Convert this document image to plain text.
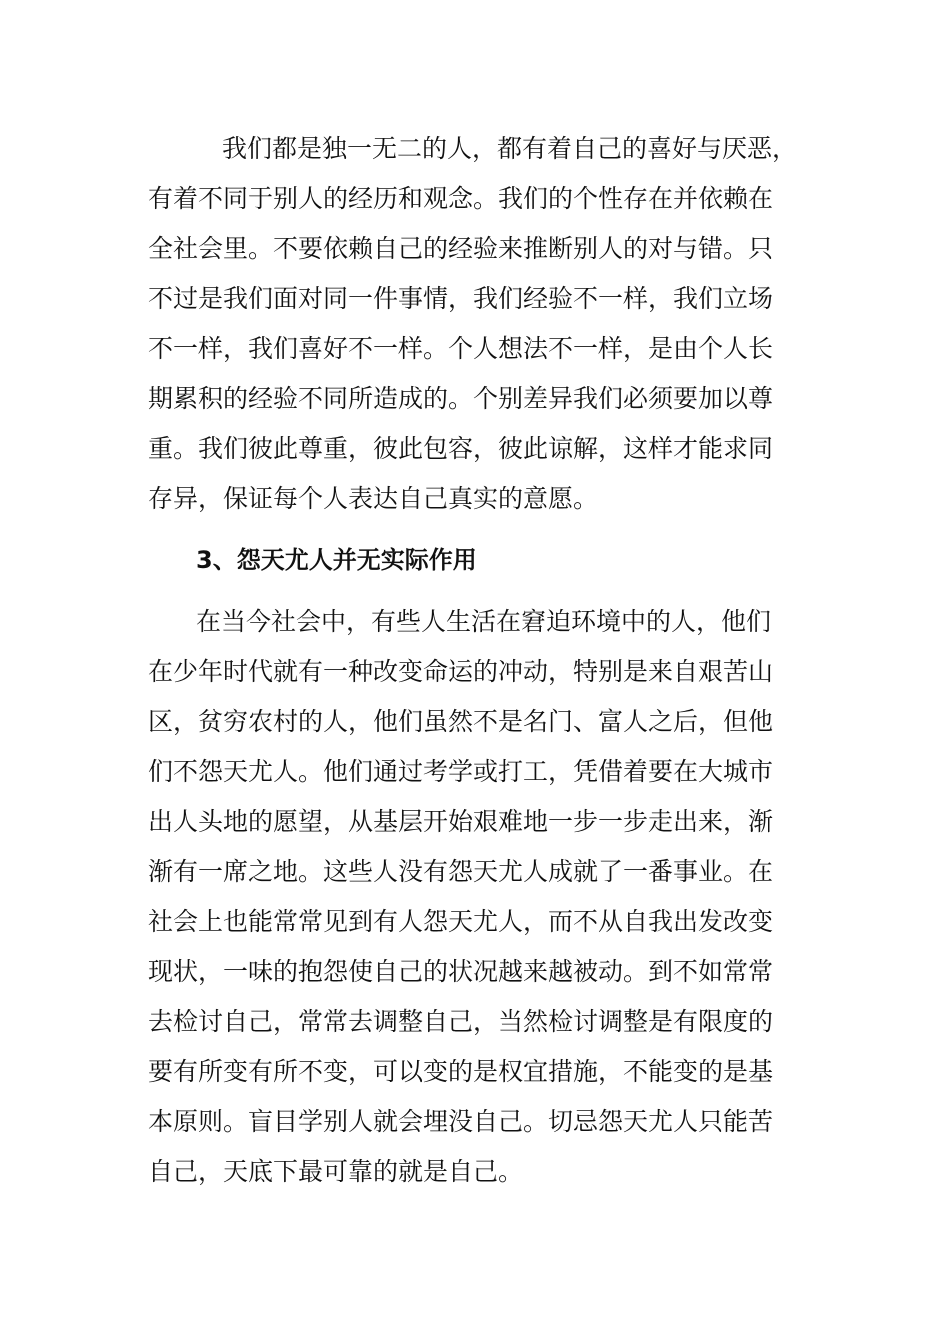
我们都是独一无二的人，都有着自己的喜好与厌恶，
有着不同于别人的经历和观念。我们的个性存在并依赖在
全社会里。不要依赖自己的经验来推断别人的对与错。只
不过是我们面对同一件事情，我们经验不一样，我们立场
不一样，我们喜好不一样。个人想法不一样，是由个人长
期累积的经验不同所造成的。个别差异我们必须要加以尊
重。我们彼此尊重，彼此包容，彼此谅解，这样才能求同
存异，保证每个人表达自己真实的意愿。
3、怨天尤人并无实际作用
在当今社会中，有些人生活在窘迫环境中的人，他们
在少年时代就有一种改变命运的冲动，特别是来自艰苦山
区，贫穷农村的人，他们虽然不是名门、富人之后，但他
们不怨天尤人。他们通过考学或打工，凭借着要在大城市
出人头地的愿望，从基层开始艰难地一步一步走出来，渐
渐有一席之地。这些人没有怨天尤人成就了一番事业。在
社会上也能常常见到有人怨天尤人，而不从自我出发改变
现状，一味的抱怨使自己的状况越来越被动。到不如常常
去检讨自己，常常去调整自己，当然检讨调整是有限度的
要有所变有所不变，可以变的是权宜措施，不能变的是基
本原则。盲目学别人就会埋没自己。切忌怨天尤人只能苦
自己，天底下最可靠的就是自己。
